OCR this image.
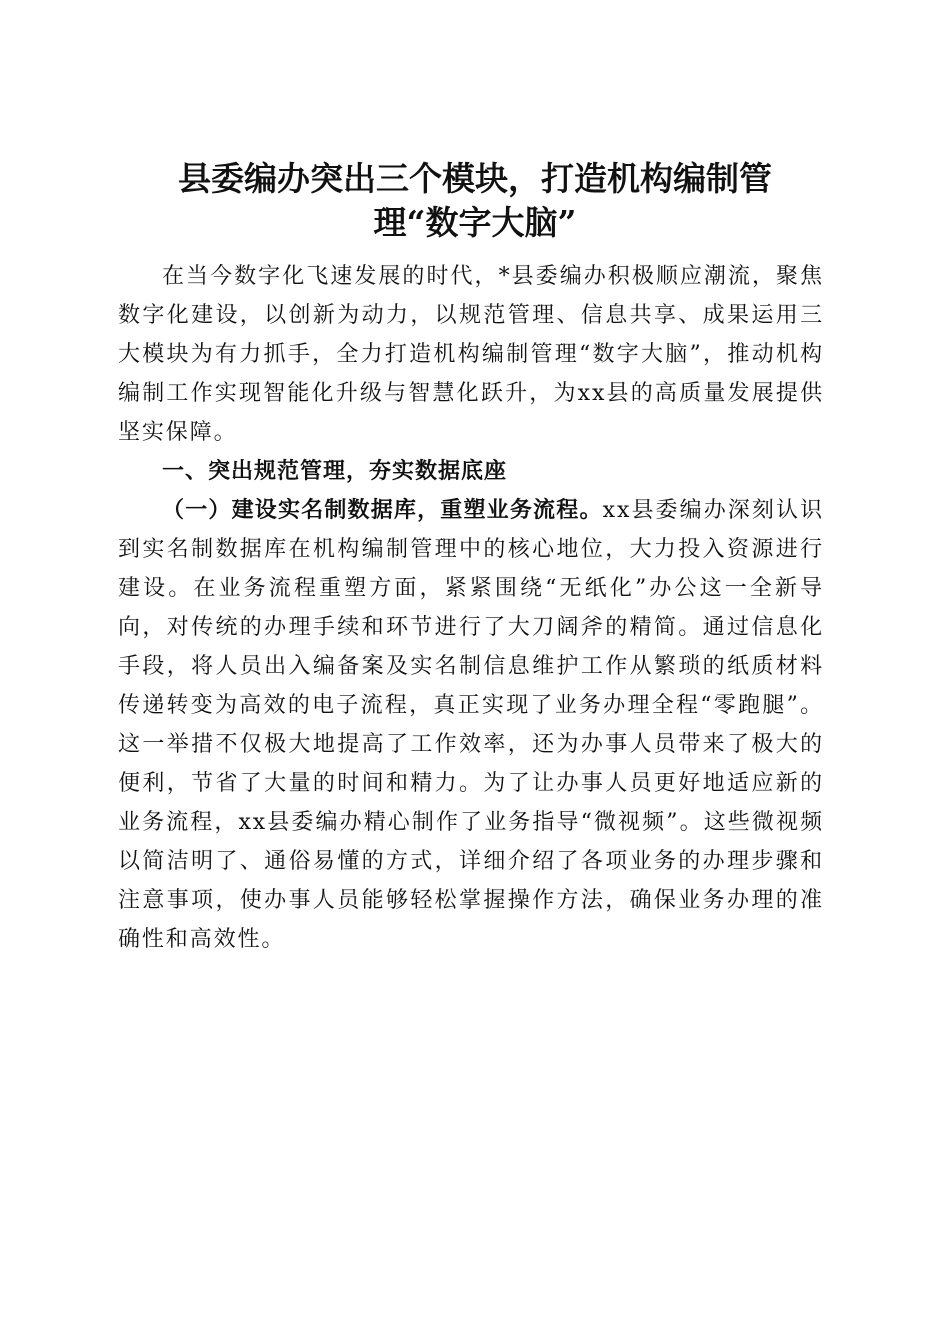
县委编办突出三个模块，打造机构编制管
理“数字大脑”

在当今数字化飞速发展的时代，*县委编办积极顺应潮流，聚焦数字化建设，以创新为动力，以规范管理、信息共享、成果运用三大模块为有力抓手，全力打造机构编制管理“数字大脑”，推动机构编制工作实现智能化升级与智慧化跃升，为xx县的高质量发展提供坚实保障。

一、突出规范管理，夯实数据底座

（一）建设实名制数据库，重塑业务流程。xx县委编办深刻认识到实名制数据库在机构编制管理中的核心地位，大力投入资源进行建设。在业务流程重塑方面，紧紧围绕“无纸化”办公这一全新导向，对传统的办理手续和环节进行了大刀阔斧的精简。通过信息化手段，将人员出入编备案及实名制信息维护工作从繁琐的纸质材料传递转变为高效的电子流程，真正实现了业务办理全程“零跑腿”。这一举措不仅极大地提高了工作效率，还为办事人员带来了极大的便利，节省了大量的时间和精力。为了让办事人员更好地适应新的业务流程，xx县委编办精心制作了业务指导“微视频”。这些微视频以简洁明了、通俗易懂的方式，详细介绍了各项业务的办理步骤和注意事项，使办事人员能够轻松掌握操作方法，确保业务办理的准确性和高效性。
